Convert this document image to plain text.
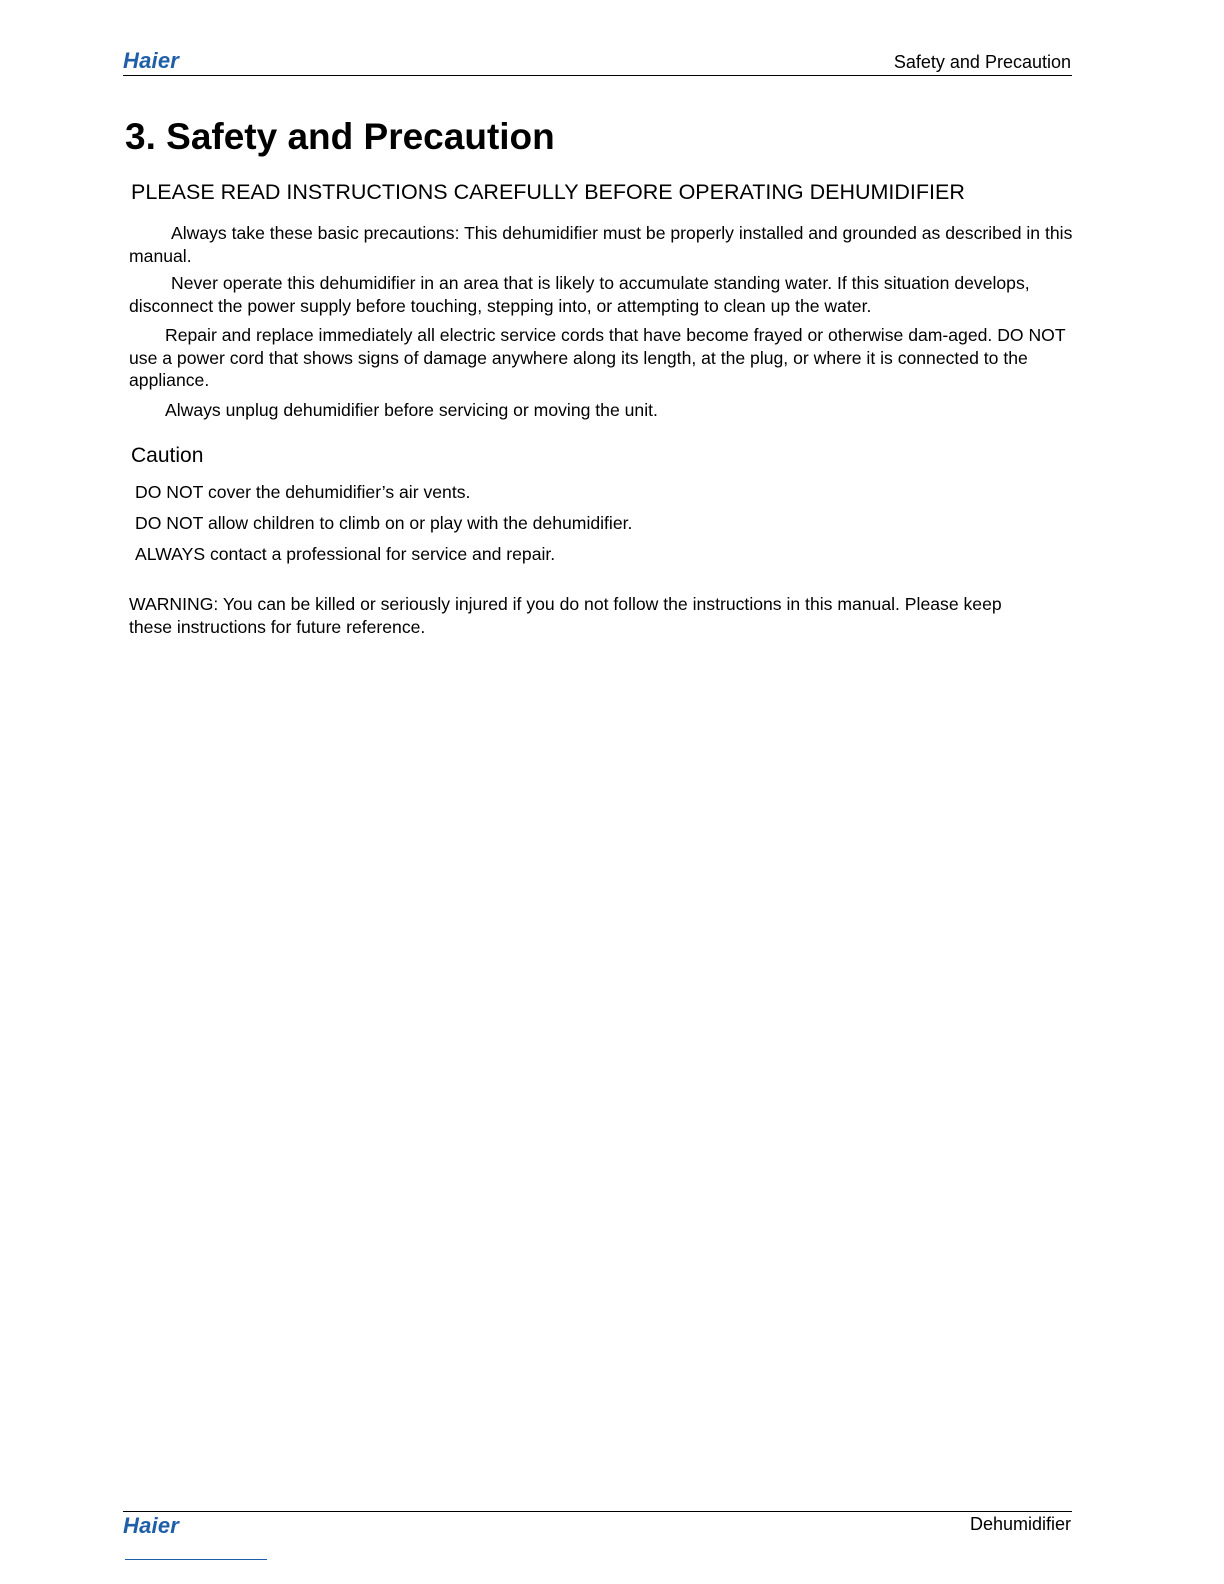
Haier	Safety and Precaution
3. Safety and Precaution
PLEASE READ INSTRUCTIONS CAREFULLY BEFORE OPERATING DEHUMIDIFIER

Always take these basic precautions: This dehumidifier must be properly installed and grounded as described in this manual.

Never operate this dehumidifier in an area that is likely to accumulate standing water. If this situation develops, disconnect the power supply before touching, stepping into, or attempting to clean up the water.

Repair and replace immediately all electric service cords that have become frayed or otherwise dam-aged. DO NOT use a power cord that shows signs of damage anywhere along its length, at the plug, or where it is connected to the appliance.

Always unplug dehumidifier before servicing or moving the unit.

Caution

DO NOT cover the dehumidifier’s air vents.

DO NOT allow children to climb on or play with the dehumidifier.

ALWAYS contact a professional for service and repair.

WARNING: You can be killed or seriously injured if you do not follow the instructions in this manual. Please keep these instructions for future reference.

Haier	Dehumidifier
